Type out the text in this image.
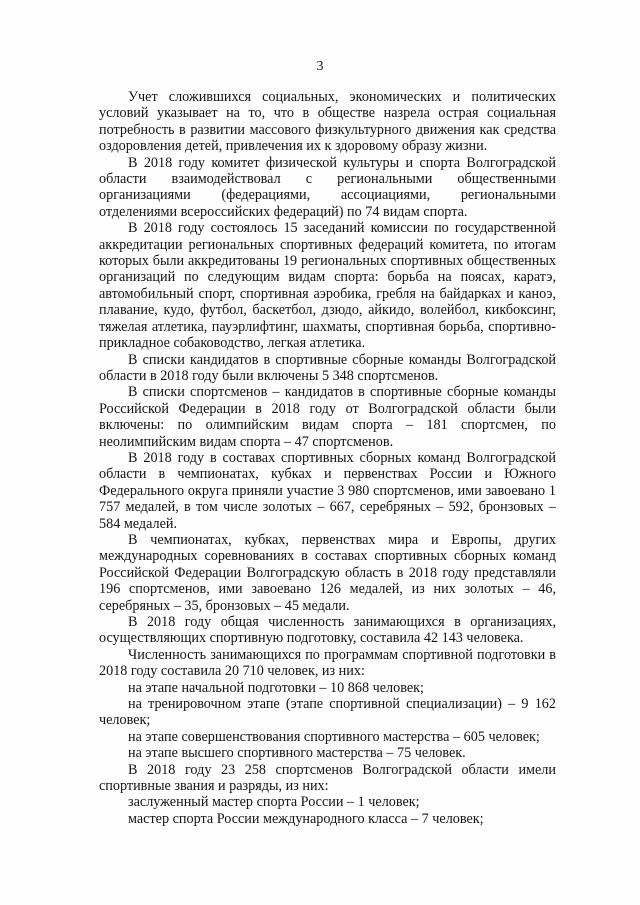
3

Учет сложившихся социальных, экономических и политических условий указывает на то, что в обществе назрела острая социальная потребность в развитии массового физкультурного движения как средства оздоровления детей, привлечения их к здоровому образу жизни.

В 2018 году комитет физической культуры и спорта Волгоградской области взаимодействовал с региональными общественными организациями (федерациями, ассоциациями, региональными отделениями всероссийских федераций) по 74 видам спорта.

В 2018 году состоялось 15 заседаний комиссии по государственной аккредитации региональных спортивных федераций комитета, по итогам которых были аккредитованы 19 региональных спортивных общественных организаций по следующим видам спорта: борьба на поясах, каратэ, автомобильный спорт, спортивная аэробика, гребля на байдарках и каноэ, плавание, кудо, футбол, баскетбол, дзюдо, айкидо, волейбол, кикбоксинг, тяжелая атлетика, пауэрлифтинг, шахматы, спортивная борьба, спортивно-прикладное собаководство, легкая атлетика.

В списки кандидатов в спортивные сборные команды Волгоградской области в 2018 году были включены 5 348 спортсменов.

В списки спортсменов – кандидатов в спортивные сборные команды Российской Федерации в 2018 году от Волгоградской области были включены: по олимпийским видам спорта – 181 спортсмен, по неолимпийским видам спорта – 47 спортсменов.

В 2018 году в составах спортивных сборных команд Волгоградской области в чемпионатах, кубках и первенствах России и Южного Федерального округа приняли участие 3 980 спортсменов, ими завоевано 1 757 медалей, в том числе золотых – 667, серебряных – 592, бронзовых – 584 медалей.

В чемпионатах, кубках, первенствах мира и Европы, других международных соревнованиях в составах спортивных сборных команд Российской Федерации Волгоградскую область в 2018 году представляли 196 спортсменов, ими завоевано 126 медалей, из них золотых – 46, серебряных – 35, бронзовых – 45 медали.

В 2018 году общая численность занимающихся в организациях, осуществляющих спортивную подготовку, составила 42 143 человека.

Численность занимающихся по программам спортивной подготовки в 2018 году составила 20 710 человек, из них:

на этапе начальной подготовки – 10 868 человек;

на тренировочном этапе (этапе спортивной специализации) – 9 162 человек;

на этапе совершенствования спортивного мастерства – 605 человек;

на этапе высшего спортивного мастерства – 75 человек.

В 2018 году 23 258 спортсменов Волгоградской области имели спортивные звания и разряды, из них:

заслуженный мастер спорта России – 1 человек;

мастер спорта России международного класса – 7 человек;
